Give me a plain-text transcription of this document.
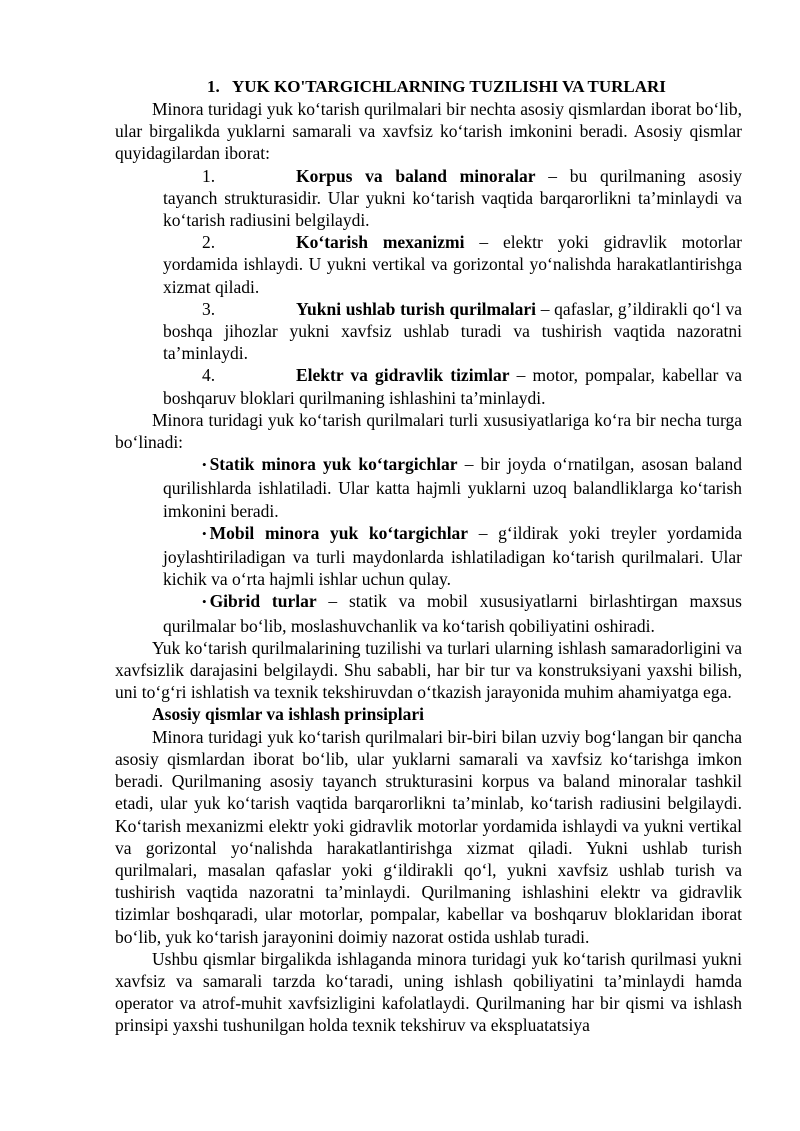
1. YUK KO'TARGICHLARNING TUZILISHI VA TURLARI

Minora turidagi yuk ko‘tarish qurilmalari bir nechta asosiy qismlardan iborat bo‘lib, ular birgalikda yuklarni samarali va xavfsiz ko‘tarish imkonini beradi. Asosiy qismlar quyidagilardan iborat:

1.	Korpus va baland minoralar – bu qurilmaning asosiy tayanch strukturasidir. Ular yukni ko‘tarish vaqtida barqarorlikni ta’minlaydi va ko‘tarish radiusini belgilaydi.
2.	Ko‘tarish mexanizmi – elektr yoki gidravlik motorlar yordamida ishlaydi. U yukni vertikal va gorizontal yo‘nalishda harakatlantirishga xizmat qiladi.
3.	Yukni ushlab turish qurilmalari – qafaslar, g’ildirakli qo‘l va boshqa jihozlar yukni xavfsiz ushlab turadi va tushirish vaqtida nazoratni ta’minlaydi.
4.	Elektr va gidravlik tizimlar – motor, pompalar, kabellar va boshqaruv bloklari qurilmaning ishlashini ta’minlaydi.

Minora turidagi yuk ko‘tarish qurilmalari turli xususiyatlariga ko‘ra bir necha turga bo‘linadi:

• Statik minora yuk ko‘targichlar – bir joyda o‘rnatilgan, asosan baland qurilishlarda ishlatiladi. Ular katta hajmli yuklarni uzoq balandliklarga ko‘tarish imkonini beradi.
• Mobil minora yuk ko‘targichlar – g‘ildirak yoki treyler yordamida joylashtiriladigan va turli maydonlarda ishlatiladigan ko‘tarish qurilmalari. Ular kichik va o‘rta hajmli ishlar uchun qulay.
• Gibrid turlar – statik va mobil xususiyatlarni birlashtirgan maxsus qurilmalar bo‘lib, moslashuvchanlik va ko‘tarish qobiliyatini oshiradi.

Yuk ko‘tarish qurilmalarining tuzilishi va turlari ularning ishlash samaradorligini va xavfsizlik darajasini belgilaydi. Shu sababli, har bir tur va konstruksiyani yaxshi bilish, uni to‘g‘ri ishlatish va texnik tekshiruvdan o‘tkazish jarayonida muhim ahamiyatga ega.

Asosiy qismlar va ishlash prinsiplari

Minora turidagi yuk ko‘tarish qurilmalari bir-biri bilan uzviy bog‘langan bir qancha asosiy qismlardan iborat bo‘lib, ular yuklarni samarali va xavfsiz ko‘tarishga imkon beradi. Qurilmaning asosiy tayanch strukturasini korpus va baland minoralar tashkil etadi, ular yuk ko‘tarish vaqtida barqarorlikni ta’minlab, ko‘tarish radiusini belgilaydi. Ko‘tarish mexanizmi elektr yoki gidravlik motorlar yordamida ishlaydi va yukni vertikal va gorizontal yo‘nalishda harakatlantirishga xizmat qiladi. Yukni ushlab turish qurilmalari, masalan qafaslar yoki g‘ildirakli qo‘l, yukni xavfsiz ushlab turish va tushirish vaqtida nazoratni ta’minlaydi. Qurilmaning ishlashini elektr va gidravlik tizimlar boshqaradi, ular motorlar, pompalar, kabellar va boshqaruv bloklaridan iborat bo‘lib, yuk ko‘tarish jarayonini doimiy nazorat ostida ushlab turadi.

Ushbu qismlar birgalikda ishlaganda minora turidagi yuk ko‘tarish qurilmasi yukni xavfsiz va samarali tarzda ko‘taradi, uning ishlash qobiliyatini ta’minlaydi hamda operator va atrof-muhit xavfsizligini kafolatlaydi. Qurilmaning har bir qismi va ishlash prinsipi yaxshi tushunilgan holda texnik tekshiruv va ekspluatatsiya
